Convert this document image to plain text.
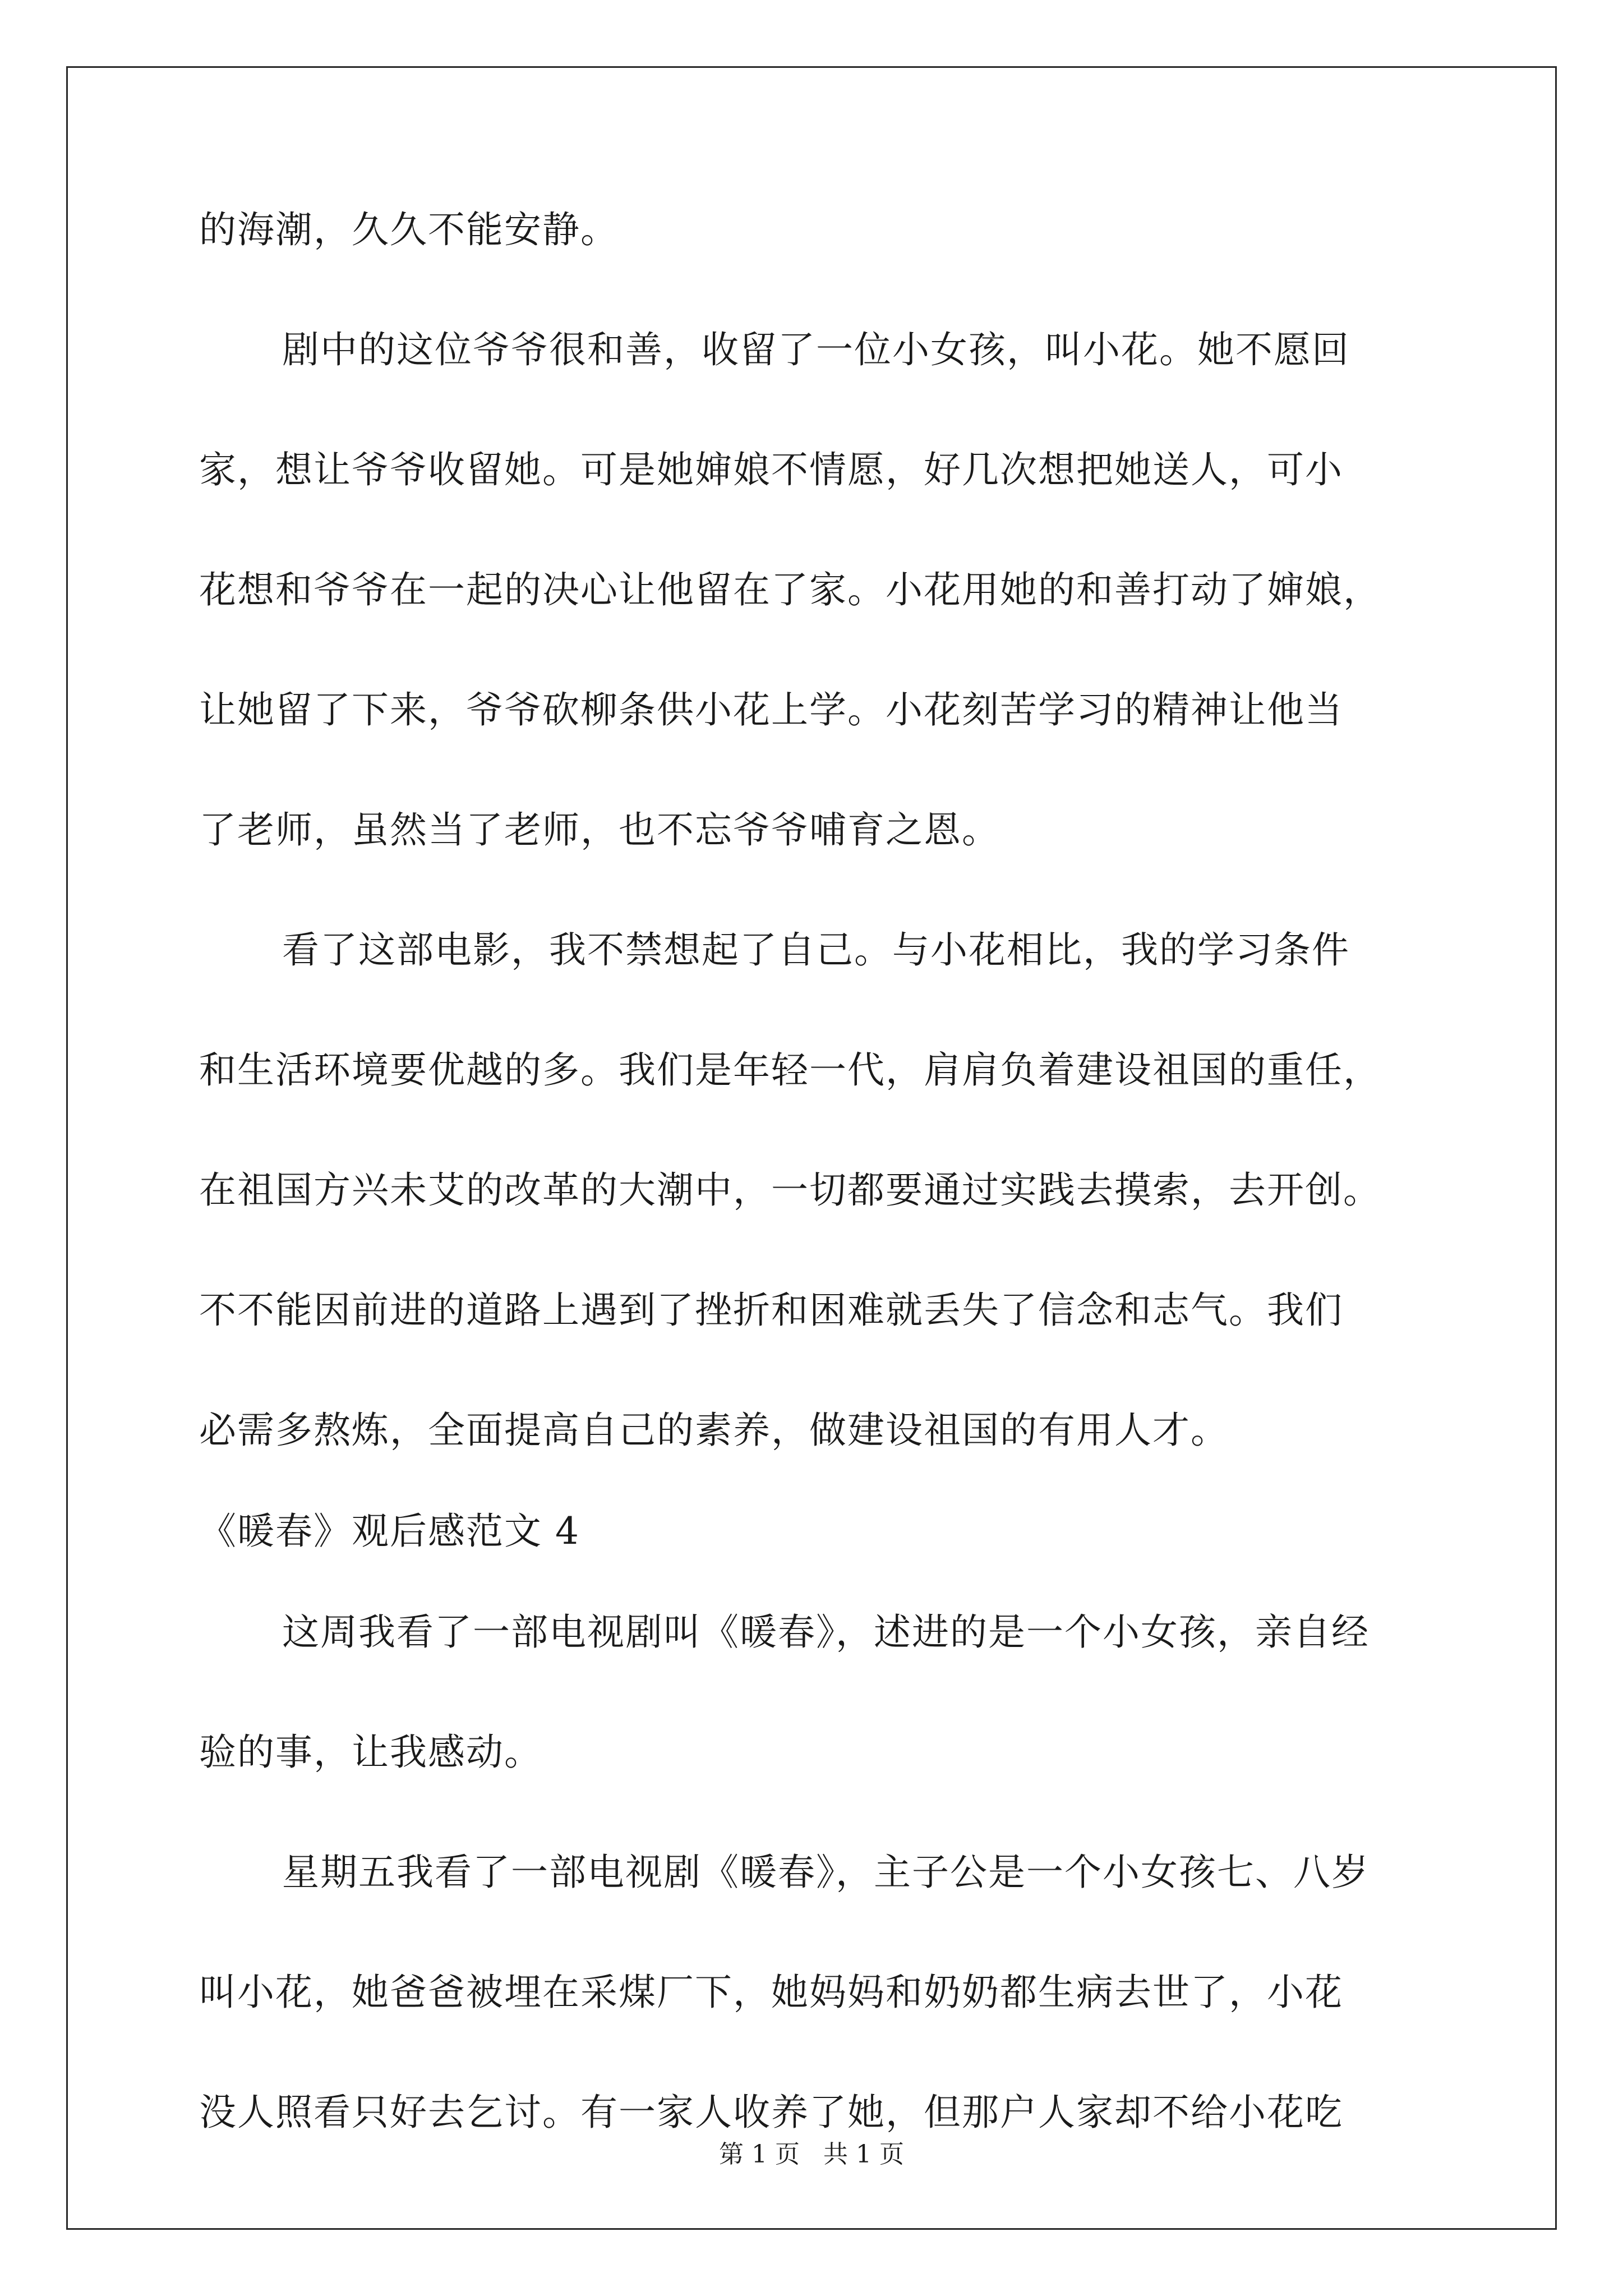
的海潮，久久不能安静。
剧中的这位爷爷很和善，收留了一位小女孩，叫小花。她不愿回
家，想让爷爷收留她。可是她婶娘不情愿，好几次想把她送人，可小
花想和爷爷在一起的决心让他留在了家。小花用她的和善打动了婶娘，
让她留了下来，爷爷砍柳条供小花上学。小花刻苦学习的精神让他当
了老师，虽然当了老师，也不忘爷爷哺育之恩。
看了这部电影，我不禁想起了自己。与小花相比，我的学习条件
和生活环境要优越的多。我们是年轻一代，肩肩负着建设祖国的重任，
在祖国方兴未艾的改革的大潮中，一切都要通过实践去摸索，去开创。
不不能因前进的道路上遇到了挫折和困难就丢失了信念和志气。我们
必需多熬炼，全面提高自己的素养，做建设祖国的有用人才。
《暖春》观后感范文 4
这周我看了一部电视剧叫《暖春》，述进的是一个小女孩，亲自经
验的事，让我感动。
星期五我看了一部电视剧《暖春》，主子公是一个小女孩七、八岁
叫小花，她爸爸被埋在采煤厂下，她妈妈和奶奶都生病去世了，小花
没人照看只好去乞讨。有一家人收养了她，但那户人家却不给小花吃
第 1 页   共 1 页
